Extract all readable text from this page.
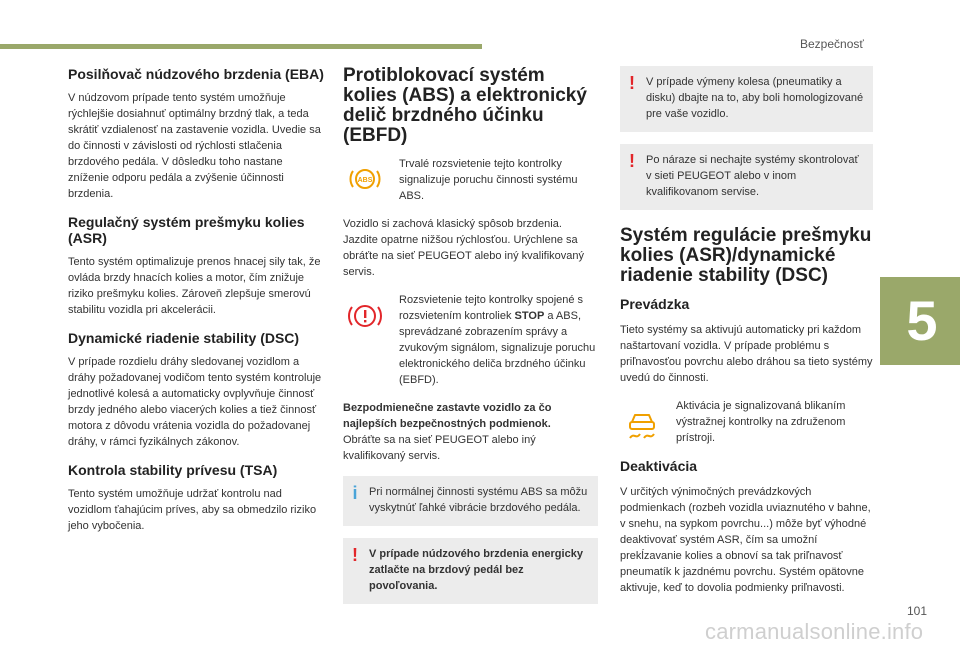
Bezpečnosť
5
101
carmanualsonline.info
Posilňovač núdzového brzdenia (EBA)

V núdzovom prípade tento systém umožňuje rýchlejšie dosiahnuť optimálny brzdný tlak, a teda skrátiť vzdialenosť na zastavenie vozidla. Uvedie sa do činnosti v závislosti od rýchlosti stlačenia brzdového pedála. V dôsledku toho nastane zníženie odporu pedála a zvýšenie účinnosti brzdenia.

Regulačný systém prešmyku kolies (ASR)

Tento systém optimalizuje prenos hnacej sily tak, že ovláda brzdy hnacích kolies a motor, čím znižuje riziko prešmyku kolies. Zároveň zlepšuje smerovú stabilitu vozidla pri akcelerácii.

Dynamické riadenie stability (DSC)

V prípade rozdielu dráhy sledovanej vozidlom a dráhy požadovanej vodičom tento systém kontroluje jednotlivé kolesá a automaticky ovplyvňuje činnosť brzdy jedného alebo viacerých kolies a tiež činnosť motora z dôvodu vrátenia vozidla do požadovanej dráhy, v rámci fyzikálnych zákonov.

Kontrola stability prívesu (TSA)

Tento systém umožňuje udržať kontrolu nad vozidlom ťahajúcim príves, aby sa obmedzilo riziko jeho vybočenia.

Protiblokovací systém kolies (ABS) a elektronický delič brzdného účinku (EBFD)
ABS

Trvalé rozsvietenie tejto kontrolky signalizuje poruchu činnosti systému ABS.

Vozidlo si zachová klasický spôsob brzdenia. Jazdite opatrne nižšou rýchlosťou. Urýchlene sa obráťte na sieť PEUGEOT alebo iný kvalifikovaný servis.

Rozsvietenie tejto kontrolky spojené s rozsvietením kontroliek STOP a ABS, sprevádzané zobrazením správy a zvukovým signálom, signalizuje poruchu elektronického deliča brzdného účinku (EBFD).

Bezpodmienečne zastavte vozidlo za čo najlepších bezpečnostných podmienok.
Obráťte sa na sieť PEUGEOT alebo iný kvalifikovaný servis.

i	Pri normálnej činnosti systému ABS sa môžu vyskytnúť ľahké vibrácie brzdového pedála.

! V prípade núdzového brzdenia energicky zatlačte na brzdový pedál bez povoľovania.

! V prípade výmeny kolesa (pneumatiky a disku) dbajte na to, aby boli homologizované pre vaše vozidlo.

! Po náraze si nechajte systémy skontrolovať v sieti PEUGEOT alebo v inom kvalifikovanom servise.

Systém regulácie prešmyku kolies (ASR)/dynamické riadenie stability (DSC)
Prevádzka

Tieto systémy sa aktivujú automaticky pri každom naštartovaní vozidla. V prípade problému s priľnavosťou povrchu alebo dráhou sa tieto systémy uvedú do činnosti.

Aktivácia je signalizovaná blikaním výstražnej kontrolky na združenom prístroji.

Deaktivácia

V určitých výnimočných prevádzkových podmienkach (rozbeh vozidla uviaznutého v bahne, v snehu, na sypkom povrchu...) môže byť výhodné deaktivovať systém ASR, čím sa umožní prekĺzavanie kolies a obnoví sa tak priľnavosť pneumatík k jazdnému povrchu. Systém opätovne aktivuje, keď to dovolia podmienky priľnavosti.
